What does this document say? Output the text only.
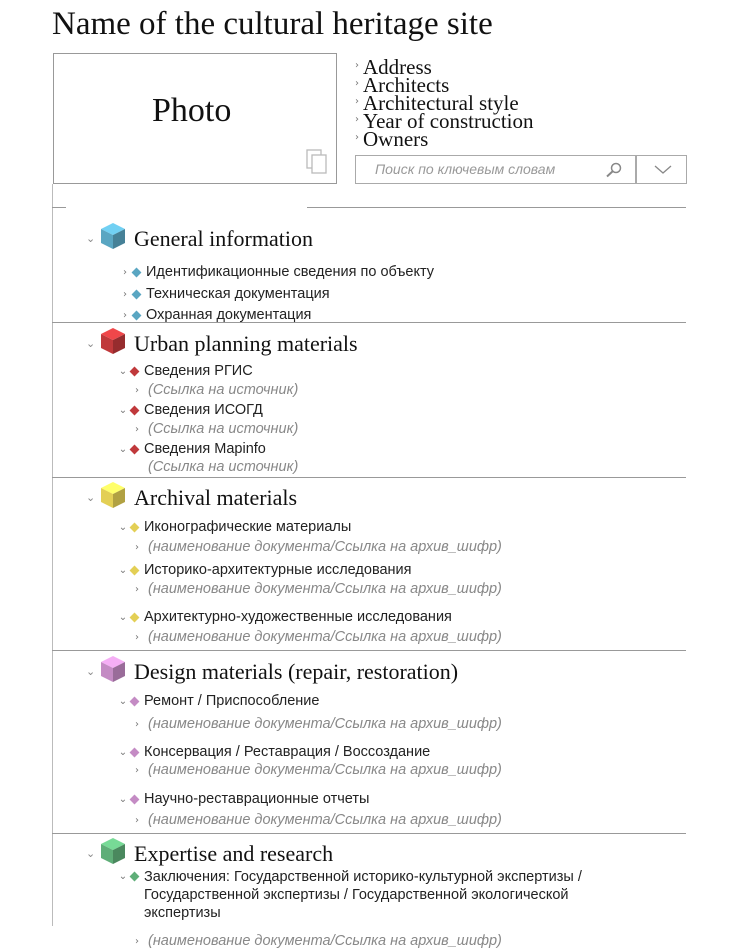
Name of the cultural heritage site
Photo
› Address
› Architects
› Architectural style
› Year of construction
› Owners
Поиск по ключевым словам
⌄ General information
› Идентификационные сведения по объекту
› Техническая документация
› Охранная документация
⌄ Urban planning materials
⌄ Сведения РГИС
› (Ссылка на источник)
⌄ Сведения ИСОГД
› (Ссылка на источник)
⌄ Сведения Mapinfo
(Ссылка на источник)
⌄ Archival materials
⌄ Иконографические материалы
› (наименование документа/Ссылка на архив_шифр)
⌄ Историко-архитектурные исследования
› (наименование документа/Ссылка на архив_шифр)
⌄ Архитектурно-художественные исследования
› (наименование документа/Ссылка на архив_шифр)
⌄ Design materials (repair, restoration)
⌄ Ремонт / Приспособление
› (наименование документа/Ссылка на архив_шифр)
⌄ Консервация / Реставрация / Воссоздание
› (наименование документа/Ссылка на архив_шифр)
⌄ Научно-реставрационные отчеты
› (наименование документа/Ссылка на архив_шифр)
⌄ Expertise and research
⌄ Заключения: Государственной историко-культурной экспертизы / Государственной экспертизы / Государственной экологической экспертизы
› (наименование документа/Ссылка на архив_шифр)
